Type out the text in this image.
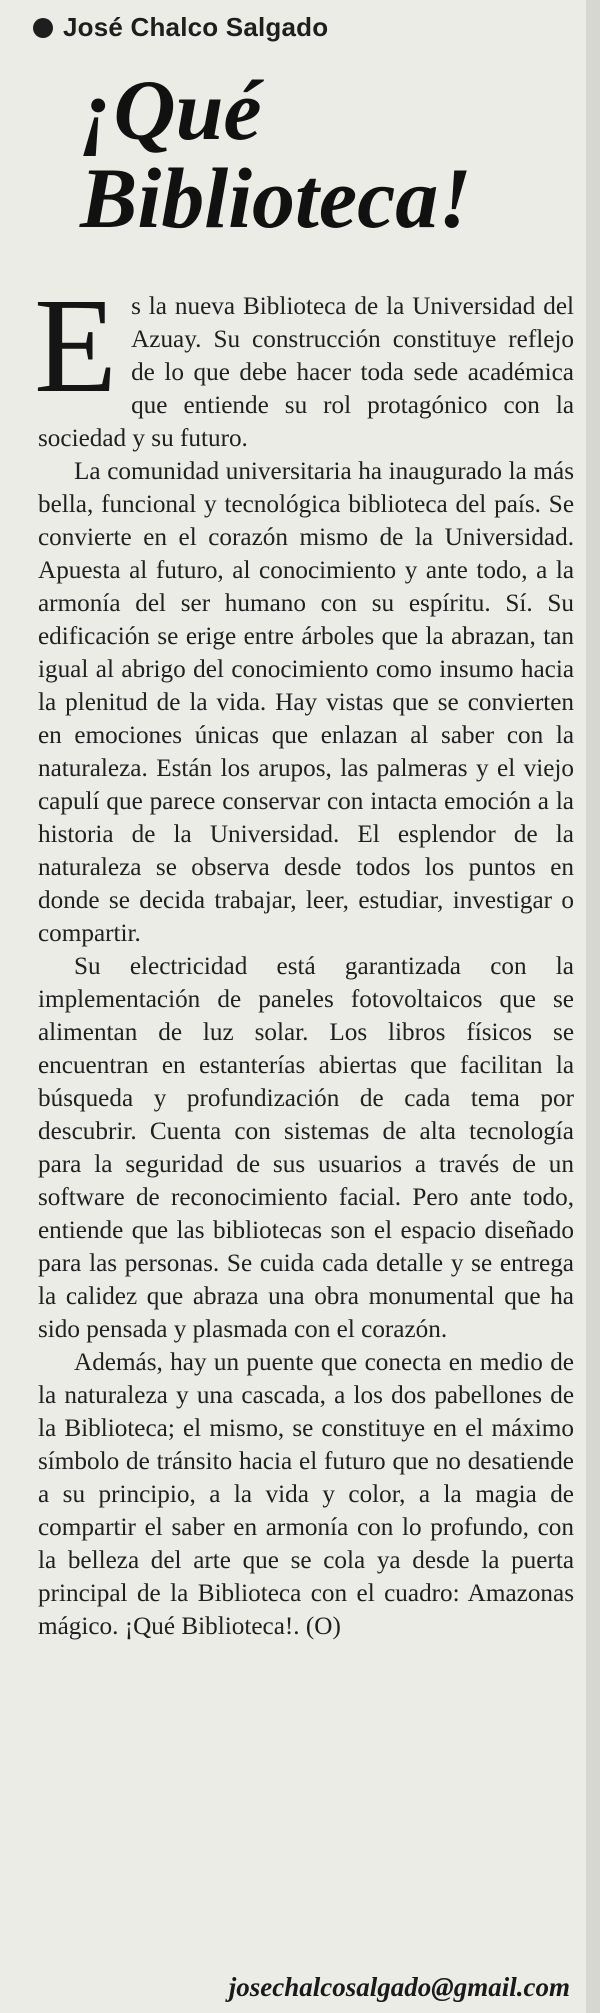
José Chalco Salgado
¡Qué
Biblioteca!

Es la nueva Biblioteca de la Universidad del Azuay. Su construcción constituye reflejo de lo que debe hacer toda sede académica que entiende su rol protagónico con la sociedad y su futuro.

La comunidad universitaria ha inaugurado la más bella, funcional y tecnológica biblioteca del país. Se convierte en el corazón mismo de la Universidad. Apuesta al futuro, al conocimiento y ante todo, a la armonía del ser humano con su espíritu. Sí. Su edificación se erige entre árboles que la abrazan, tan igual al abrigo del conocimiento como insumo hacia la plenitud de la vida. Hay vistas que se convierten en emociones únicas que enlazan al saber con la naturaleza. Están los arupos, las palmeras y el viejo capulí que parece conservar con intacta emoción a la historia de la Universidad. El esplendor de la naturaleza se observa desde todos los puntos en donde se decida trabajar, leer, estudiar, investigar o compartir.

Su electricidad está garantizada con la implementación de paneles fotovoltaicos que se alimentan de luz solar. Los libros físicos se encuentran en estanterías abiertas que facilitan la búsqueda y profundización de cada tema por descubrir. Cuenta con sistemas de alta tecnología para la seguridad de sus usuarios a través de un software de reconocimiento facial. Pero ante todo, entiende que las bibliotecas son el espacio diseñado para las personas. Se cuida cada detalle y se entrega la calidez que abraza una obra monumental que ha sido pensada y plasmada con el corazón.

Además, hay un puente que conecta en medio de la naturaleza y una cascada, a los dos pabellones de la Biblioteca; el mismo, se constituye en el máximo símbolo de tránsito hacia el futuro que no desatiende a su principio, a la vida y color, a la magia de compartir el saber en armonía con lo profundo, con la belleza del arte que se cola ya desde la puerta principal de la Biblioteca con el cuadro: Amazonas mágico. ¡Qué Biblioteca!. (O)

josechalcosalgado@gmail.com
